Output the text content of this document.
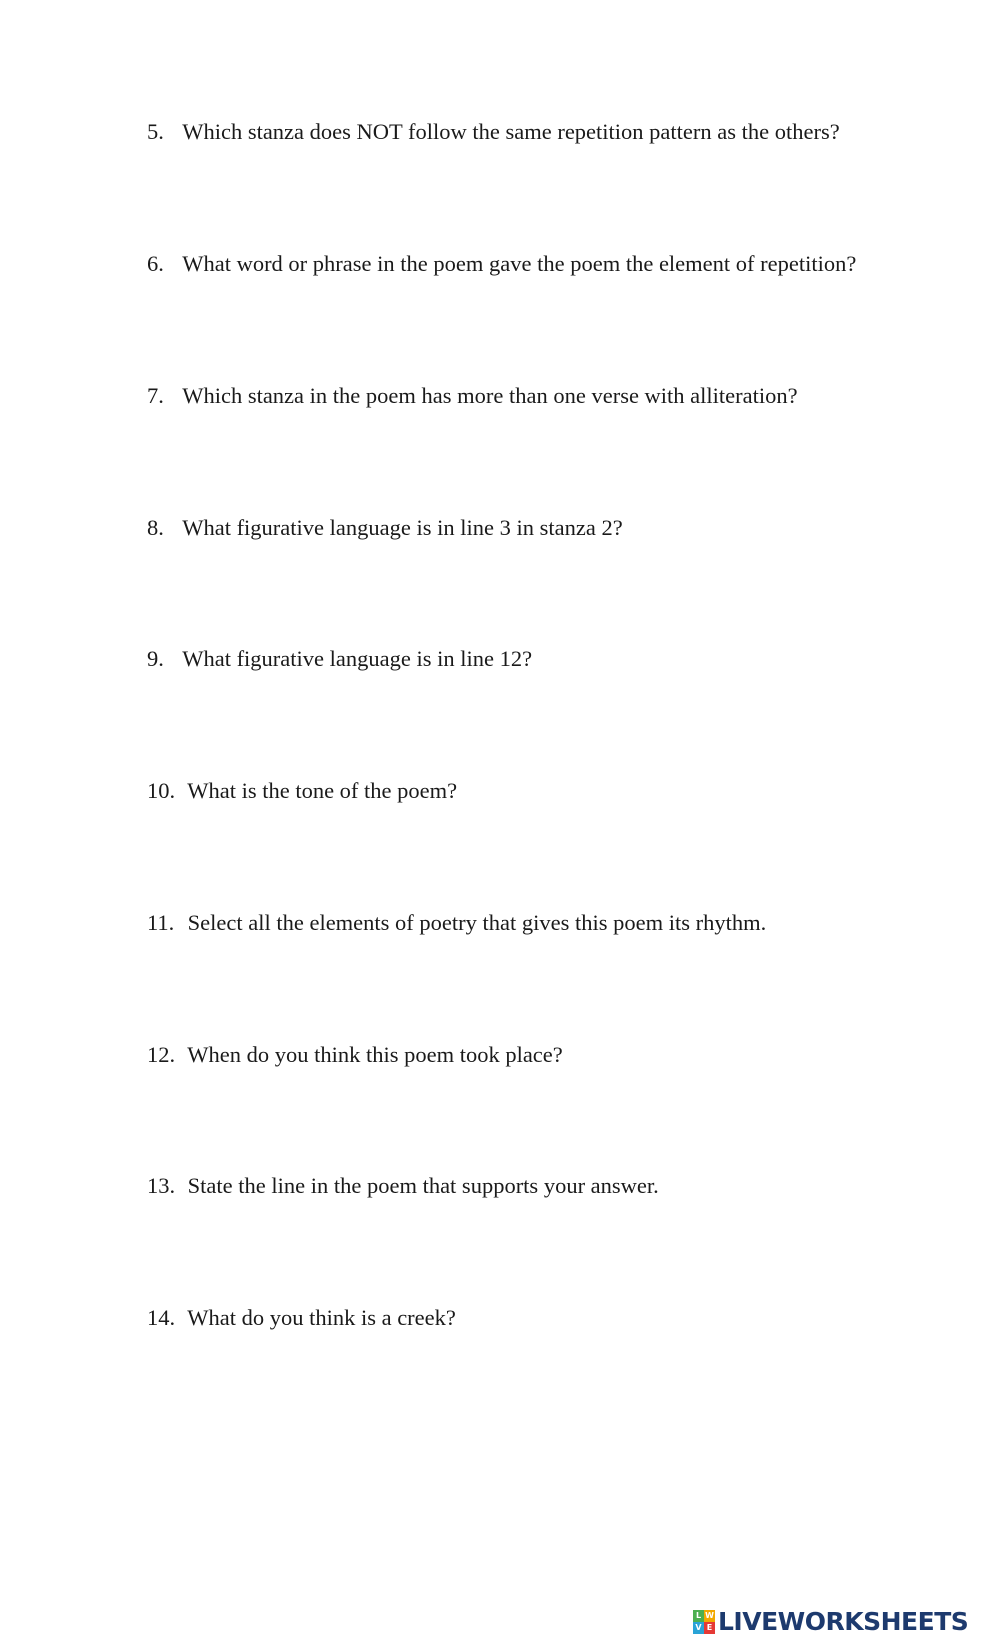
5. Which stanza does NOT follow the same repetition pattern as the others?
6. What word or phrase in the poem gave the poem the element of repetition?
7. Which stanza in the poem has more than one verse with alliteration?
8. What figurative language is in line 3 in stanza 2?
9. What figurative language is in line 12?
10. What is the tone of the poem?
11. Select all the elements of poetry that gives this poem its rhythm.
12. When do you think this poem took place?
13. State the line in the poem that supports your answer.
14. What do you think is a creek?
L W
V E LIVEWORKSHEETS
